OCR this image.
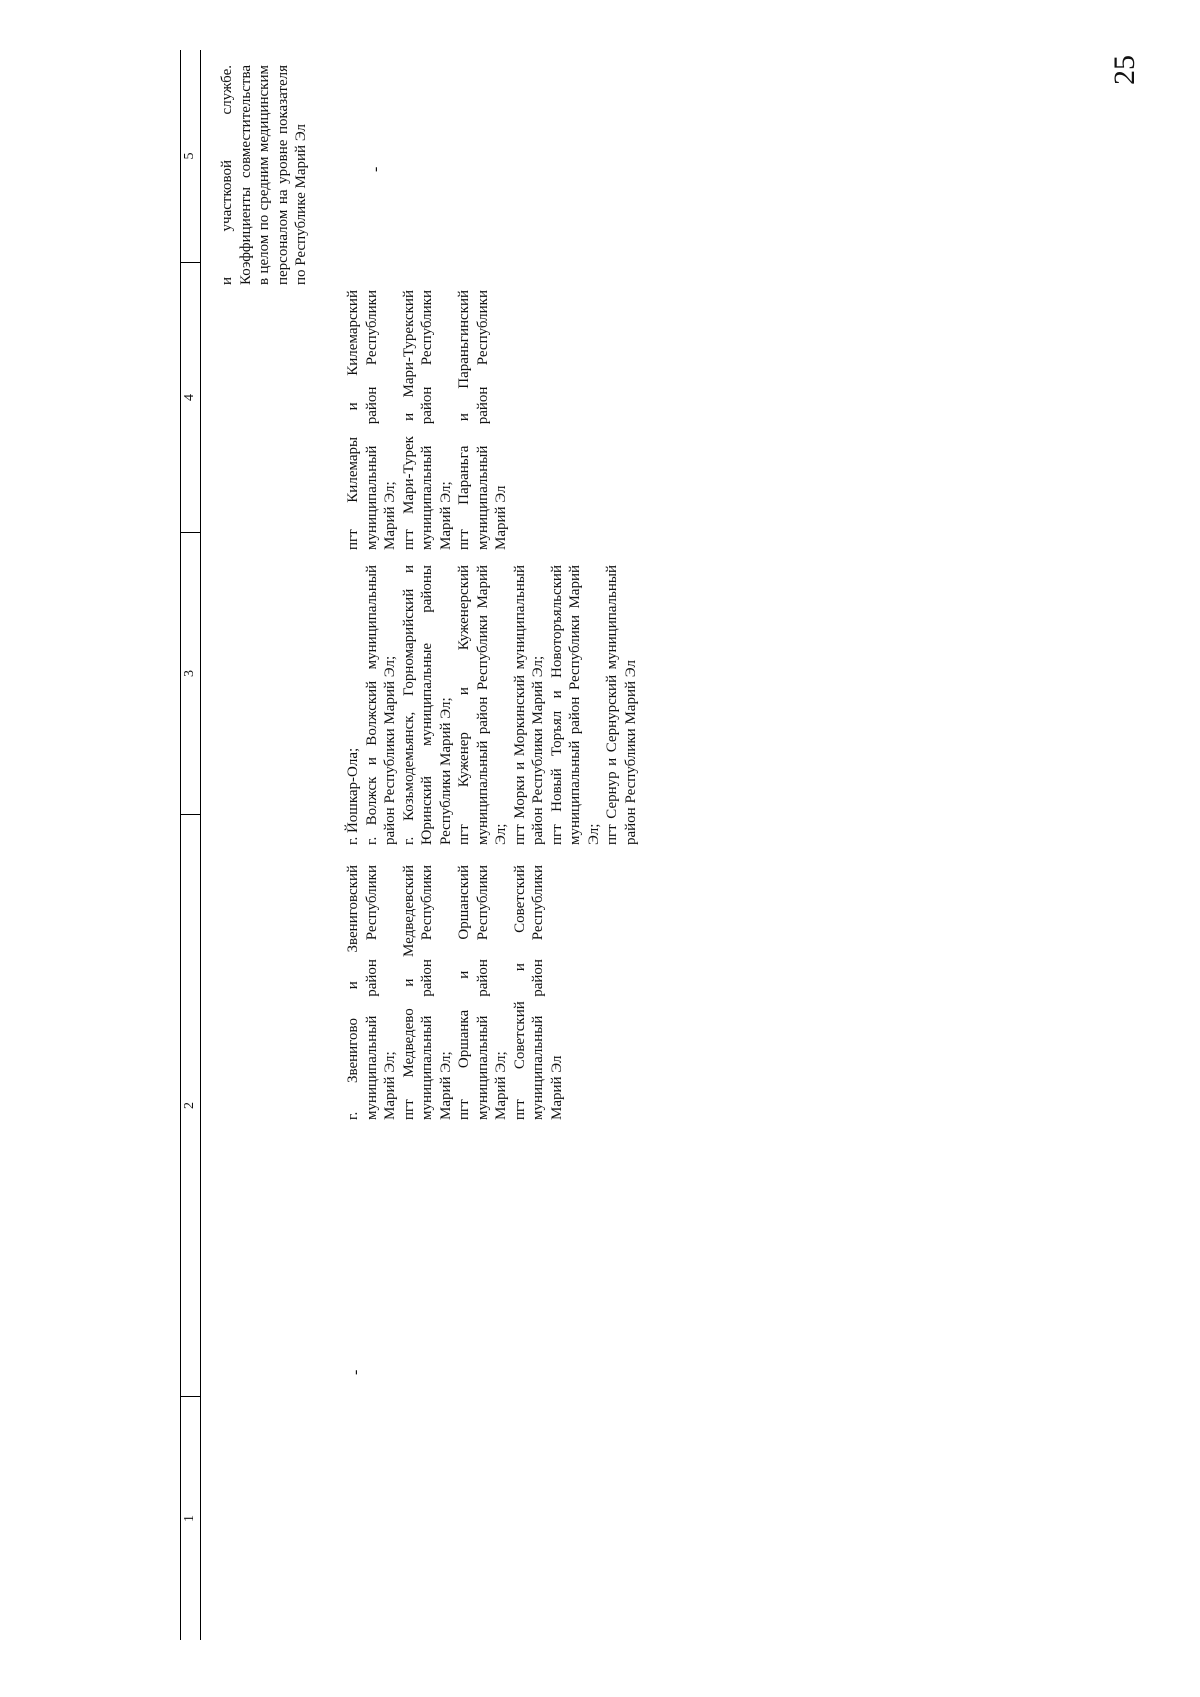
25
1
2
3
4
5
-

г. Звенигово и Звениговский муниципальный район Республики Марий Эл; пгт Медведево и Медведевский муниципальный район Республики Марий Эл; пгт Оршанка и Оршанский муниципальный район Республики Марий Эл; пгт Советский и Советский муниципальный район Республики Марий Эл

г. Йошкар-Ола; г. Волжск и Волжский муниципальный район Республики Марий Эл; г. Козьмодемьянск, Горномарийский и Юринский муниципальные районы Республики Марий Эл; пгт Куженер и Куженерский муниципальный район Республики Марий Эл; пгт Морки и Моркинский муниципальный район Республики Марий Эл; пгт Новый Торъял и Новоторъяльский муниципальный район Республики Марий Эл; пгт Сернур и Сернурский муниципальный район Республики Марий Эл

пгт Килемары и Килемарский муниципальный район Республики Марий Эл; пгт Мари-Турек и Мари-Турекский муниципальный район Республики Марий Эл; пгт Параньга и Параньгинский муниципальный район Республики Марий Эл

и участковой службе. Коэффициенты совместительства в целом по средним медицинским персоналом на уровне показателя по Республике Марий Эл	-
